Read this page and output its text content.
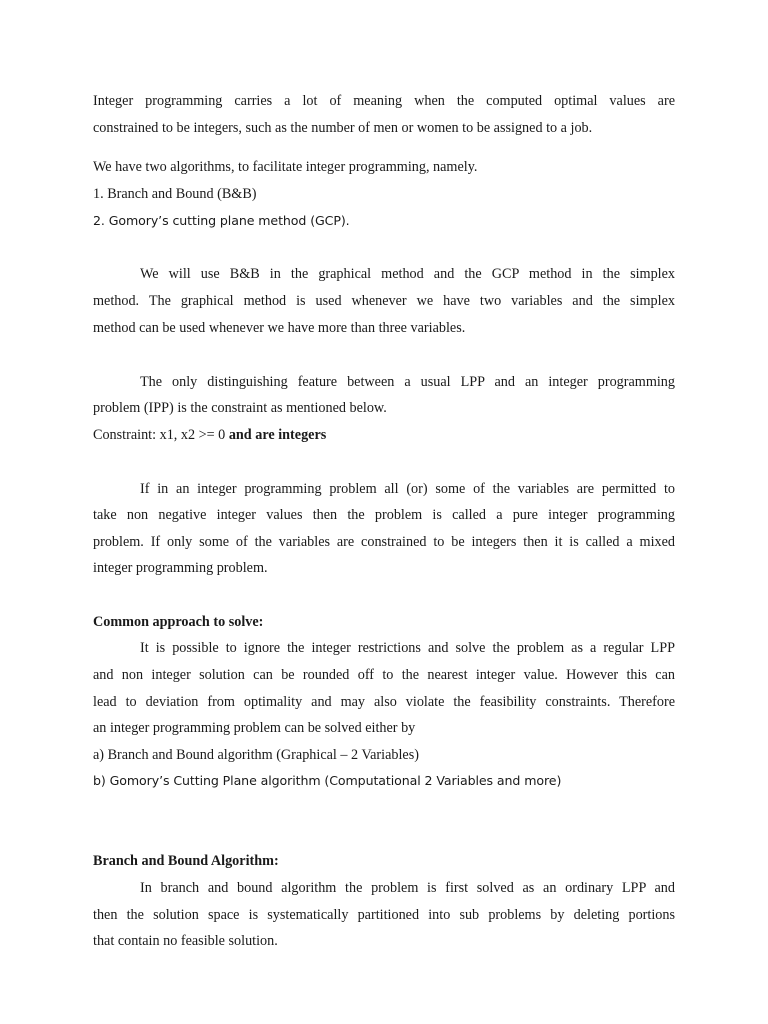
Integer programming carries a lot of meaning when the computed optimal values are
constrained to be integers, such as the number of men or women to be assigned to a job.
We have two algorithms, to facilitate integer programming, namely.
1. Branch and Bound (B&B)
2. Gomory’s cutting plane method (GCP).
We will use B&B in the graphical method and the GCP method in the simplex
method. The graphical method is used whenever we have two variables and the simplex
method can be used whenever we have more than three variables.
The only distinguishing feature between a usual LPP and an integer programming
problem (IPP) is the constraint as mentioned below.
Constraint: x1, x2 >= 0 and are integers
If in an integer programming problem all (or) some of the variables are permitted to
take non negative integer values then the problem is called a pure integer programming
problem. If only some of the variables are constrained to be integers then it is called a mixed
integer programming problem.
Common approach to solve:
It is possible to ignore the integer restrictions and solve the problem as a regular LPP
and non integer solution can be rounded off to the nearest integer value. However this can
lead to deviation from optimality and may also violate the feasibility constraints. Therefore
an integer programming problem can be solved either by
a) Branch and Bound algorithm (Graphical – 2 Variables)
b) Gomory’s Cutting Plane algorithm (Computational 2 Variables and more)
Branch and Bound Algorithm:
In branch and bound algorithm the problem is first solved as an ordinary LPP and
then the solution space is systematically partitioned into sub problems by deleting portions
that contain no feasible solution.
